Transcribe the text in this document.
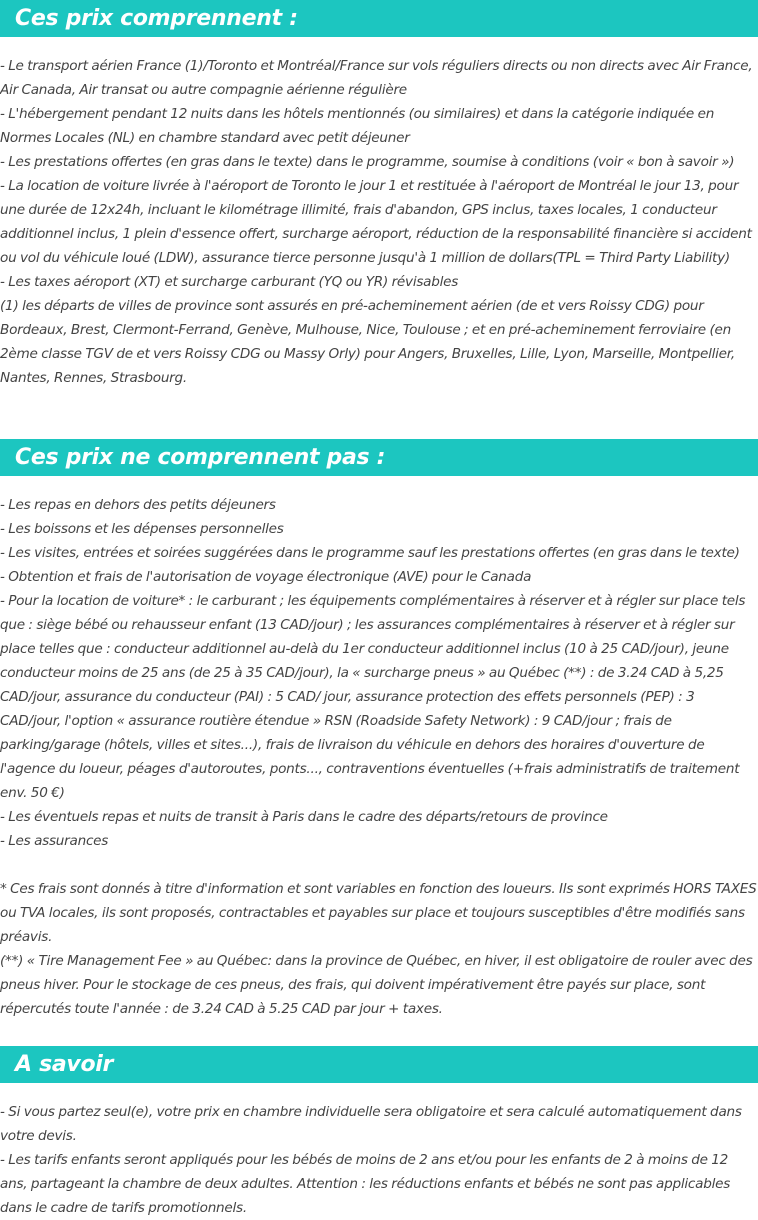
Ces prix comprennent :
- Le transport aérien France (1)/Toronto et Montréal/France sur vols réguliers directs ou non directs avec Air France, Air Canada, Air transat ou autre compagnie aérienne régulière
- L'hébergement pendant 12 nuits dans les hôtels mentionnés (ou similaires) et dans la catégorie indiquée en Normes Locales (NL) en chambre standard avec petit déjeuner
- Les prestations offertes (en gras dans le texte) dans le programme, soumise à conditions (voir « bon à savoir »)
- La location de voiture livrée à l'aéroport de Toronto le jour 1 et restituée à l'aéroport de Montréal le jour 13, pour une durée de 12x24h, incluant le kilométrage illimité, frais d'abandon, GPS inclus, taxes locales, 1 conducteur additionnel inclus, 1 plein d'essence offert, surcharge aéroport, réduction de la responsabilité financière si accident ou vol du véhicule loué (LDW), assurance tierce personne jusqu'à 1 million de dollars(TPL = Third Party Liability)
- Les taxes aéroport (XT) et surcharge carburant (YQ ou YR) révisables
(1) les départs de villes de province sont assurés en pré-acheminement aérien (de et vers Roissy CDG) pour Bordeaux, Brest, Clermont-Ferrand, Genève, Mulhouse, Nice, Toulouse ; et en pré-acheminement ferroviaire (en 2ème classe TGV de et vers Roissy CDG ou Massy Orly) pour Angers, Bruxelles, Lille, Lyon, Marseille, Montpellier, Nantes, Rennes, Strasbourg.
Ces prix ne comprennent pas :
- Les repas en dehors des petits déjeuners
- Les boissons et les dépenses personnelles
- Les visites, entrées et soirées suggérées dans le programme sauf les prestations offertes (en gras dans le texte)
- Obtention et frais de l'autorisation de voyage électronique (AVE) pour le Canada
- Pour la location de voiture* : le carburant ; les équipements complémentaires à réserver et à régler sur place tels que : siège bébé ou rehausseur enfant (13 CAD/jour) ; les assurances complémentaires à réserver et à régler sur place telles que : conducteur additionnel au-delà du 1er conducteur additionnel inclus (10 à 25 CAD/jour), jeune conducteur moins de 25 ans (de 25 à 35 CAD/jour), la « surcharge pneus » au Québec (**) : de 3.24 CAD à 5,25 CAD/jour, assurance du conducteur (PAI) : 5 CAD/ jour, assurance protection des effets personnels (PEP) : 3 CAD/jour, l'option « assurance routière étendue » RSN (Roadside Safety Network) : 9 CAD/jour ; frais de parking/garage (hôtels, villes et sites...), frais de livraison du véhicule en dehors des horaires d'ouverture de l'agence du loueur, péages d'autoroutes, ponts..., contraventions éventuelles (+frais administratifs de traitement env. 50 €)
- Les éventuels repas et nuits de transit à Paris dans le cadre des départs/retours de province
- Les assurances
* Ces frais sont donnés à titre d'information et sont variables en fonction des loueurs. Ils sont exprimés HORS TAXES ou TVA locales, ils sont proposés, contractables et payables sur place et toujours susceptibles d'être modifiés sans préavis.
(**) « Tire Management Fee » au Québec: dans la province de Québec, en hiver, il est obligatoire de rouler avec des pneus hiver. Pour le stockage de ces pneus, des frais, qui doivent impérativement être payés sur place, sont répercutés toute l'année : de 3.24 CAD à 5.25 CAD par jour + taxes.
A savoir
- Si vous partez seul(e), votre prix en chambre individuelle sera obligatoire et sera calculé automatiquement dans votre devis.
- Les tarifs enfants seront appliqués pour les bébés de moins de 2 ans et/ou pour les enfants de 2 à moins de 12 ans, partageant la chambre de deux adultes. Attention : les réductions enfants et bébés ne sont pas applicables dans le cadre de tarifs promotionnels.
